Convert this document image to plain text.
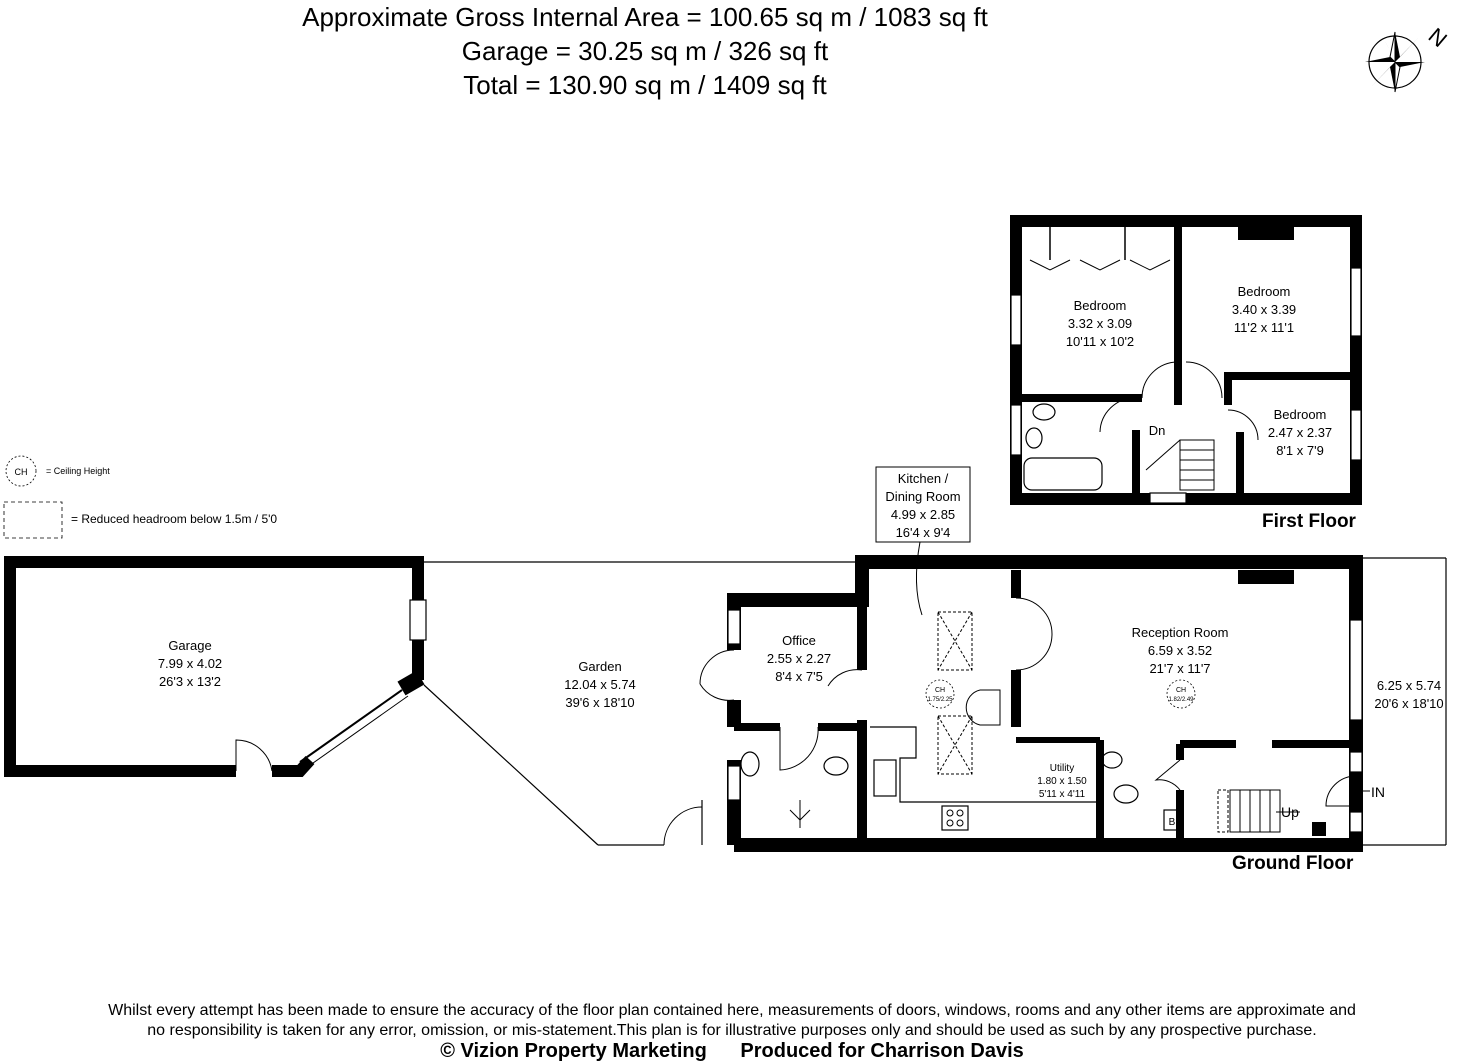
Approximate Gross Internal Area = 100.65 sq m / 1083 sq ft
Garage = 30.25 sq m / 326 sq ft
Total = 130.90 sq m / 1409 sq ft
N
Bedroom
3.32 x 3.09
10'11 x 10'2
Bedroom
3.40 x 3.39
11'2 x 11'1
Bedroom
2.47 x 2.37
8'1 x 7'9
Dn
Garage
7.99 x 4.02
26'3 x 13'2
Garden
12.04 x 5.74
39'6 x 18'10
Office
2.55 x 2.27
8'4 x 7'5
Kitchen /
Dining Room
4.99 x 2.85
16'4 x 9'4
CH
1.75/2.25
Reception Room
6.59 x 3.52
21'7 x 11'7
CH
1.82/2.49
Utility
1.80 x 1.50
5'11 x 4'11
6.25 x 5.74
20'6 x 18'10
B
Up
IN
CH = Ceiling Height
= Reduced headroom below 1.5m / 5'0	First Floor
Ground Floor
Whilst every attempt has been made to ensure the accuracy of the floor plan contained here, measurements of doors, windows, rooms and any other items are approximate and
no responsibility is taken for any error, omission, or mis-statement.This plan is for illustrative purposes only and should be used as such by any prospective purchase.
© Vizion Property Marketing Produced for Charrison Davis
